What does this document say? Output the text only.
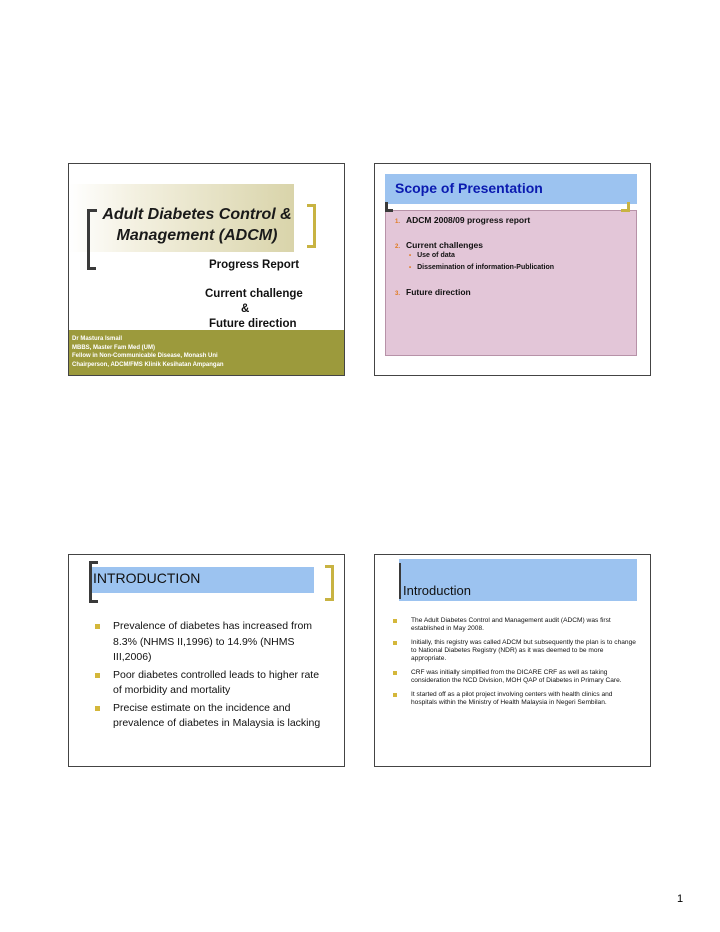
Adult Diabetes Control &
Management (ADCM)
Progress Report
Current challenge
&
Future direction
Dr Mastura Ismail
MBBS, Master Fam Med (UM)
Fellow in Non-Communicable Disease, Monash Uni
Chairperson, ADCM/FMS Klinik Kesihatan Ampangan
Scope of Presentation
1. ADCM 2008/09 progress report
2. Current challenges
• Use of data
• Dissemination of information-Publication
3. Future direction
INTRODUCTION
Prevalence of diabetes has increased from 8.3% (NHMS II,1996) to 14.9% (NHMS III,2006)
Poor diabetes controlled leads to higher rate of morbidity and mortality
Precise estimate on the incidence and prevalence of diabetes in Malaysia is lacking
Introduction
The Adult Diabetes Control and Management audit (ADCM) was first established in May 2008.
Initially, this registry was called ADCM but subsequently the plan is to change to National Diabetes Registry (NDR) as it was deemed to be more appropriate.
CRF was initially simplified from the DICARE CRF as well as taking consideration the NCD Division, MOH QAP of Diabetes in Primary Care.
It started off as a pilot project involving centers with health clinics and hospitals within the Ministry of Health Malaysia in Negeri Sembilan.
1
